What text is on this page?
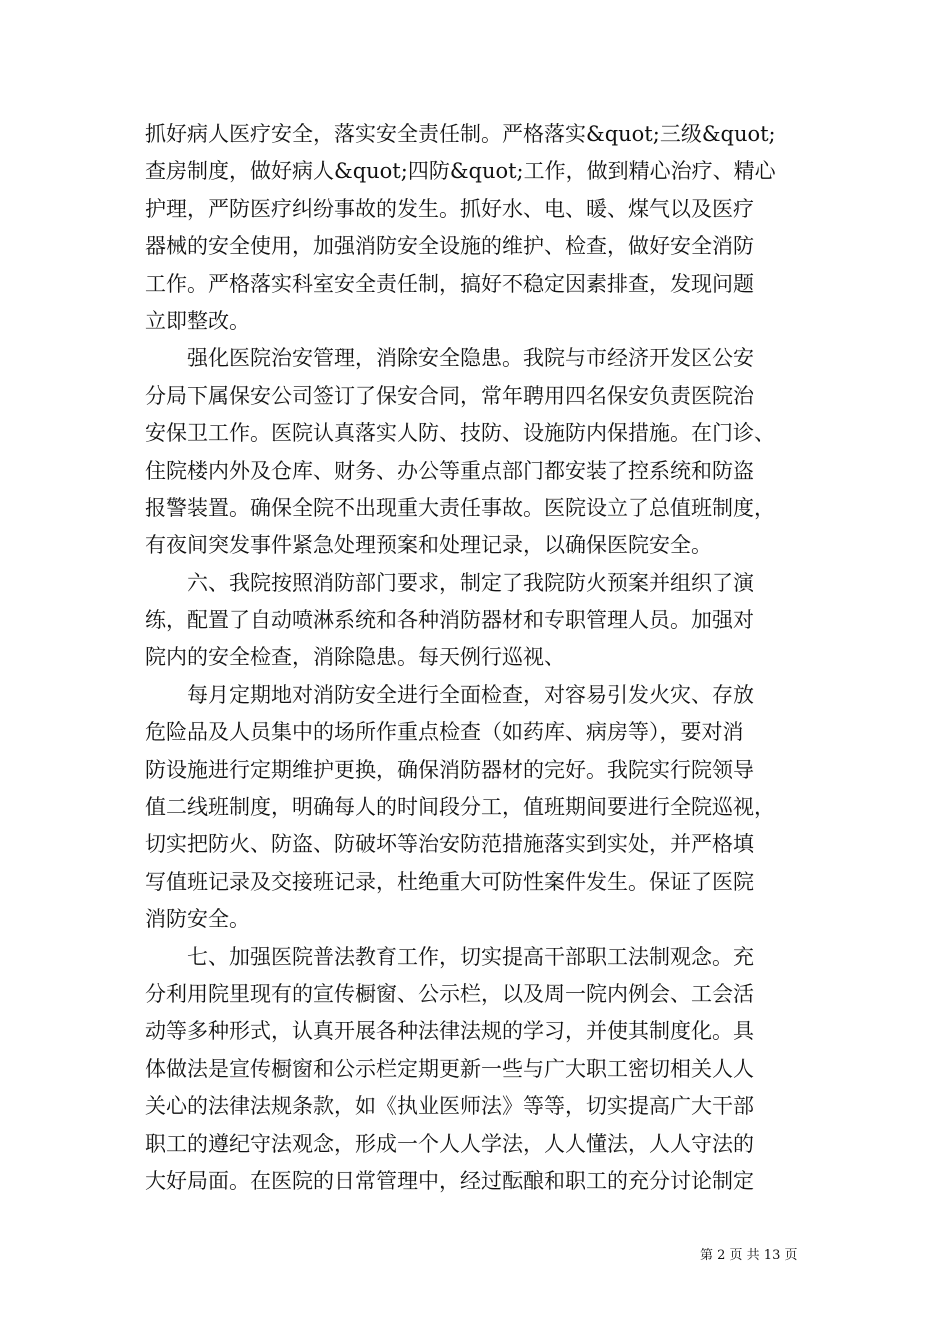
抓好病人医疗安全，落实安全责任制。严格落实&quot;三级&quot;
查房制度，做好病人&quot;四防&quot;工作，做到精心治疗、精心
护理，严防医疗纠纷事故的发生。抓好水、电、暖、煤气以及医疗
器械的安全使用，加强消防安全设施的维护、检查，做好安全消防
工作。严格落实科室安全责任制，搞好不稳定因素排查，发现问题
立即整改。
强化医院治安管理，消除安全隐患。我院与市经济开发区公安
分局下属保安公司签订了保安合同，常年聘用四名保安负责医院治
安保卫工作。医院认真落实人防、技防、设施防内保措施。在门诊、
住院楼内外及仓库、财务、办公等重点部门都安装了控系统和防盗
报警装置。确保全院不出现重大责任事故。医院设立了总值班制度，
有夜间突发事件紧急处理预案和处理记录，以确保医院安全。
六、我院按照消防部门要求，制定了我院防火预案并组织了演
练，配置了自动喷淋系统和各种消防器材和专职管理人员。加强对
院内的安全检查，消除隐患。每天例行巡视、
每月定期地对消防安全进行全面检查，对容易引发火灾、存放
危险品及人员集中的场所作重点检查（如药库、病房等），要对消
防设施进行定期维护更换，确保消防器材的完好。我院实行院领导
值二线班制度，明确每人的时间段分工，值班期间要进行全院巡视，
切实把防火、防盗、防破坏等治安防范措施落实到实处，并严格填
写值班记录及交接班记录，杜绝重大可防性案件发生。保证了医院
消防安全。
七、加强医院普法教育工作，切实提高干部职工法制观念。充
分利用院里现有的宣传橱窗、公示栏，以及周一院内例会、工会活
动等多种形式，认真开展各种法律法规的学习，并使其制度化。具
体做法是宣传橱窗和公示栏定期更新一些与广大职工密切相关人人
关心的法律法规条款，如《执业医师法》等等，切实提高广大干部
职工的遵纪守法观念，形成一个人人学法，人人懂法，人人守法的
大好局面。在医院的日常管理中，经过酝酿和职工的充分讨论制定
第 2 页 共 13 页
